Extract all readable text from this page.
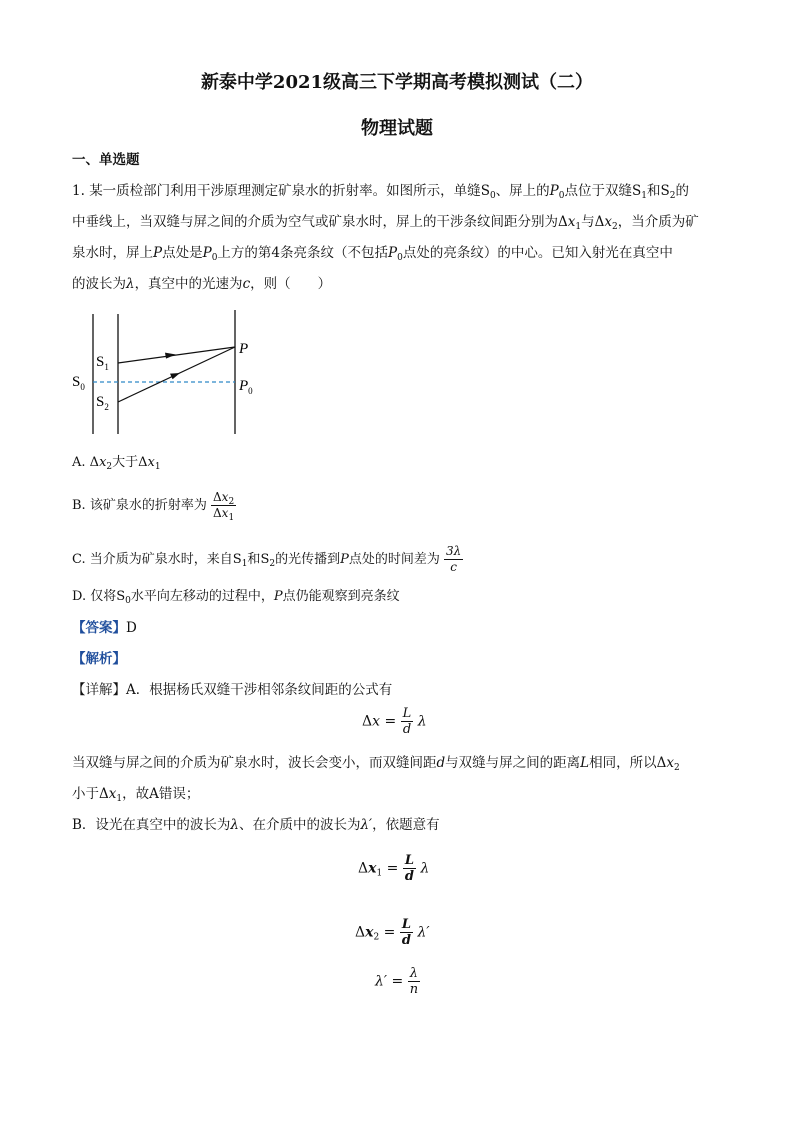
新泰中学2021级高三下学期高考模拟测试（二）
物理试题
一、单选题
1. 某一质检部门利用干涉原理测定矿泉水的折射率。如图所示，单缝$S_0$、屏上的$P_0$点位于双缝$S_1$和$S_2$的
中垂线上，当双缝与屏之间的介质为空气或矿泉水时，屏上的干涉条纹间距分别为$\Delta x_1$与$\Delta x_2$，当介质为矿
泉水时，屏上P点处是$P_0$上方的第4条亮条纹（不包括$P_0$点处的亮条纹）的中心。已知入射光在真空中
的波长为λ，真空中的光速为c，则（　　）
$S_1$
$S_0$
$S_2$
P
$P_0$
A. $\Delta x_2$大于$\Delta x_1$
B. 该矿泉水的折射率为 $\frac{\Delta x_2}{\Delta x_1}$
C. 当介质为矿泉水时，来自$S_1$和$S_2$的光传播到P点处的时间差为 $\frac{3\lambda}{c}$
D. 仅将$S_0$水平向左移动的过程中，P点仍能观察到亮条纹
【答案】D
【解析】
【详解】A．根据杨氏双缝干涉相邻条纹间距的公式有
$\Delta x = \frac{L}{d}$ λ
当双缝与屏之间的介质为矿泉水时，波长会变小，而双缝间距d与双缝与屏之间的距离L相同，所以$\Delta x_2$
小于$\Delta x_1$，故A错误；
B．设光在真空中的波长为λ、在介质中的波长为λ′，依题意有
$\Delta x_1 = \frac{L}{d}$ λ
$\Delta x_2 = \frac{L}{d} \lambda'$
$\lambda' = \frac{\lambda}{n}$
